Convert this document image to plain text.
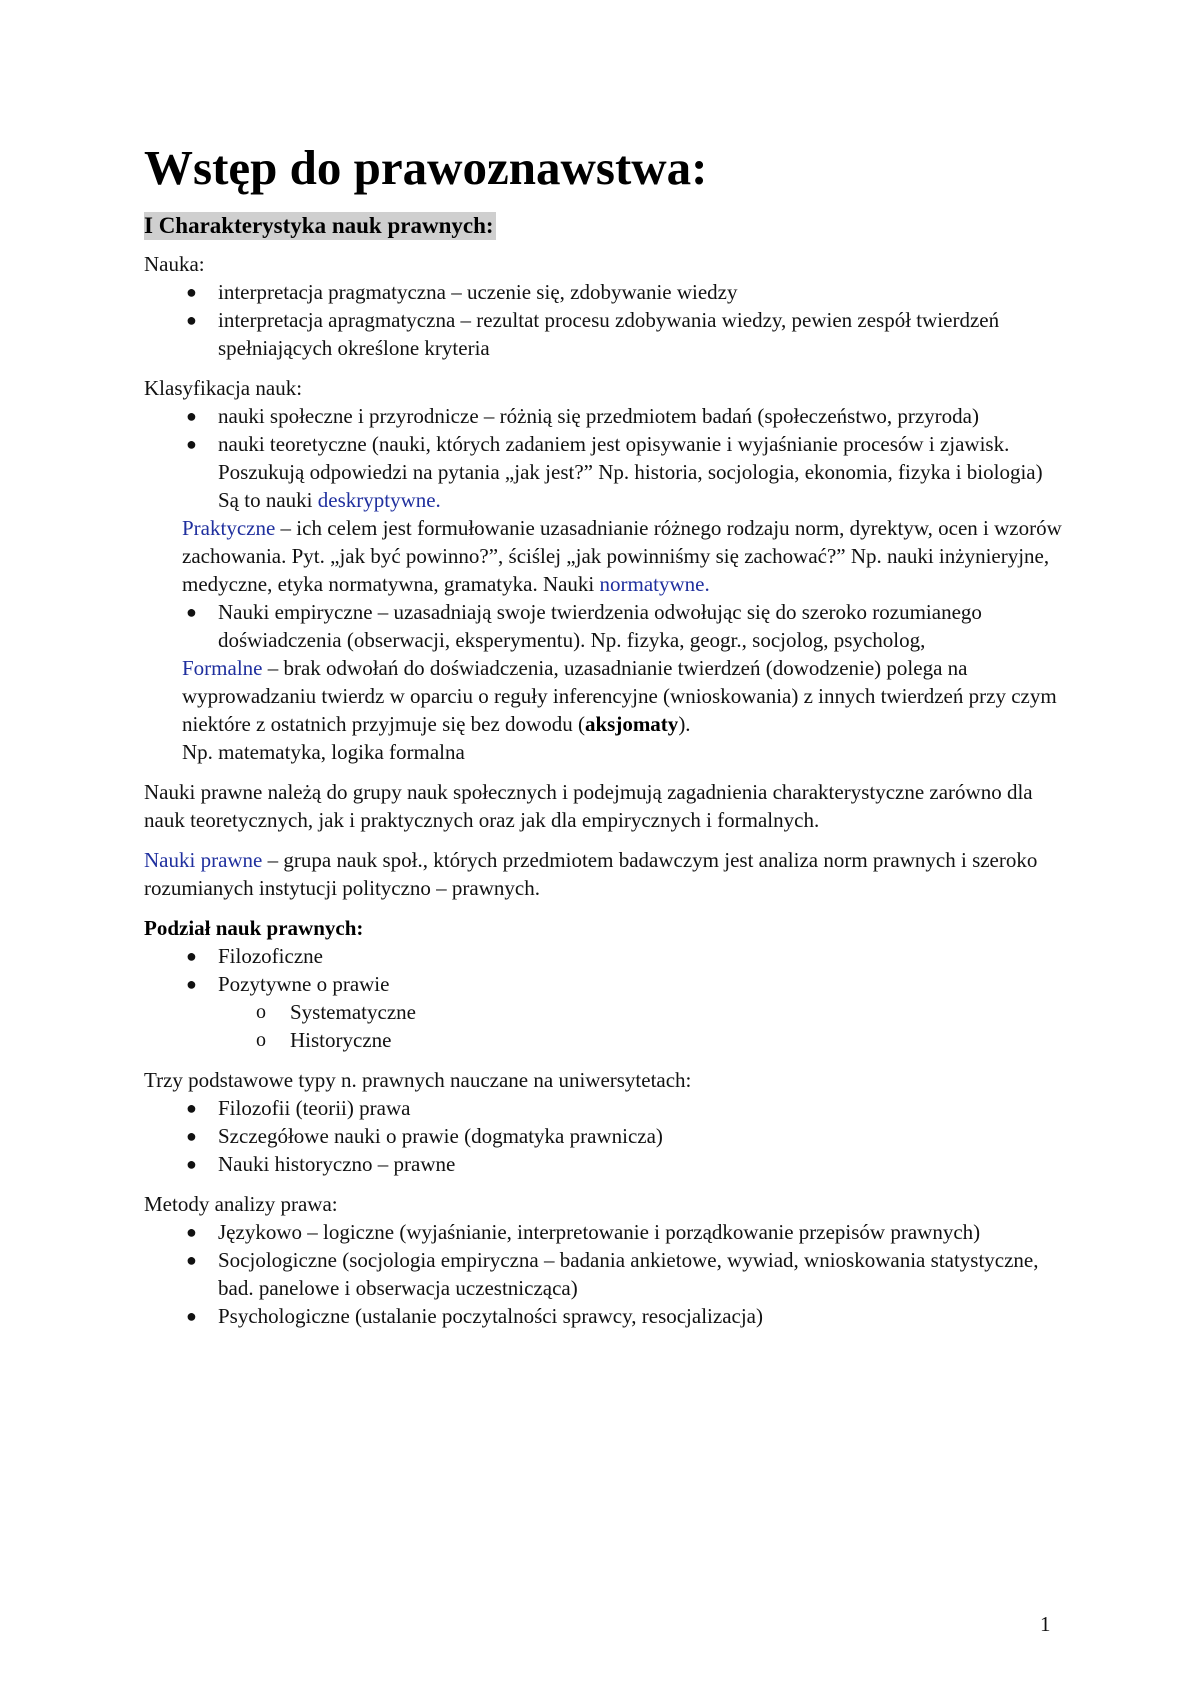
Wstęp do prawoznawstwa:
I Charakterystyka nauk prawnych:

Nauka:

● interpretacja pragmatyczna – uczenie się, zdobywanie wiedzy
● interpretacja apragmatyczna – rezultat procesu zdobywania wiedzy, pewien zespół twierdzeń spełniających określone kryteria

Klasyfikacja nauk:

● nauki społeczne i przyrodnicze – różnią się przedmiotem badań (społeczeństwo, przyroda)
● nauki teoretyczne (nauki, których zadaniem jest opisywanie i wyjaśnianie procesów i zjawisk. Poszukują odpowiedzi na pytania „jak jest?” Np. historia, socjologia, ekonomia, fizyka i biologia) Są to nauki deskryptywne.

Praktyczne – ich celem jest formułowanie uzasadnianie różnego rodzaju norm, dyrektyw, ocen i wzorów zachowania. Pyt. „jak być powinno?”, ściślej „jak powinniśmy się zachować?” Np. nauki inżynieryjne, medyczne, etyka normatywna, gramatyka. Nauki normatywne.

● Nauki empiryczne – uzasadniają swoje twierdzenia odwołując się do szeroko rozumianego doświadczenia (obserwacji, eksperymentu). Np. fizyka, geogr., socjolog, psycholog,

Formalne – brak odwołań do doświadczenia, uzasadnianie twierdzeń (dowodzenie) polega na wyprowadzaniu twierdz w oparciu o reguły inferencyjne (wnioskowania) z innych twierdzeń przy czym niektóre z ostatnich przyjmuje się bez dowodu (aksjomaty).

Np. matematyka, logika formalna

Nauki prawne należą do grupy nauk społecznych i podejmują zagadnienia charakterystyczne zarówno dla nauk teoretycznych, jak i praktycznych oraz jak dla empirycznych i formalnych.

Nauki prawne – grupa nauk społ., których przedmiotem badawczym jest analiza norm prawnych i szeroko rozumianych instytucji polityczno – prawnych.

Podział nauk prawnych:

● Filozoficzne
● Pozytywne o prawie
o Systematyczne
o Historyczne

Trzy podstawowe typy n. prawnych nauczane na uniwersytetach:

● Filozofii (teorii) prawa
● Szczegółowe nauki o prawie (dogmatyka prawnicza)
● Nauki historyczno – prawne

Metody analizy prawa:

● Językowo – logiczne (wyjaśnianie, interpretowanie i porządkowanie przepisów prawnych)
● Socjologiczne (socjologia empiryczna – badania ankietowe, wywiad, wnioskowania statystyczne, bad. panelowe i obserwacja uczestnicząca)
● Psychologiczne (ustalanie poczytalności sprawcy, resocjalizacja)
1
